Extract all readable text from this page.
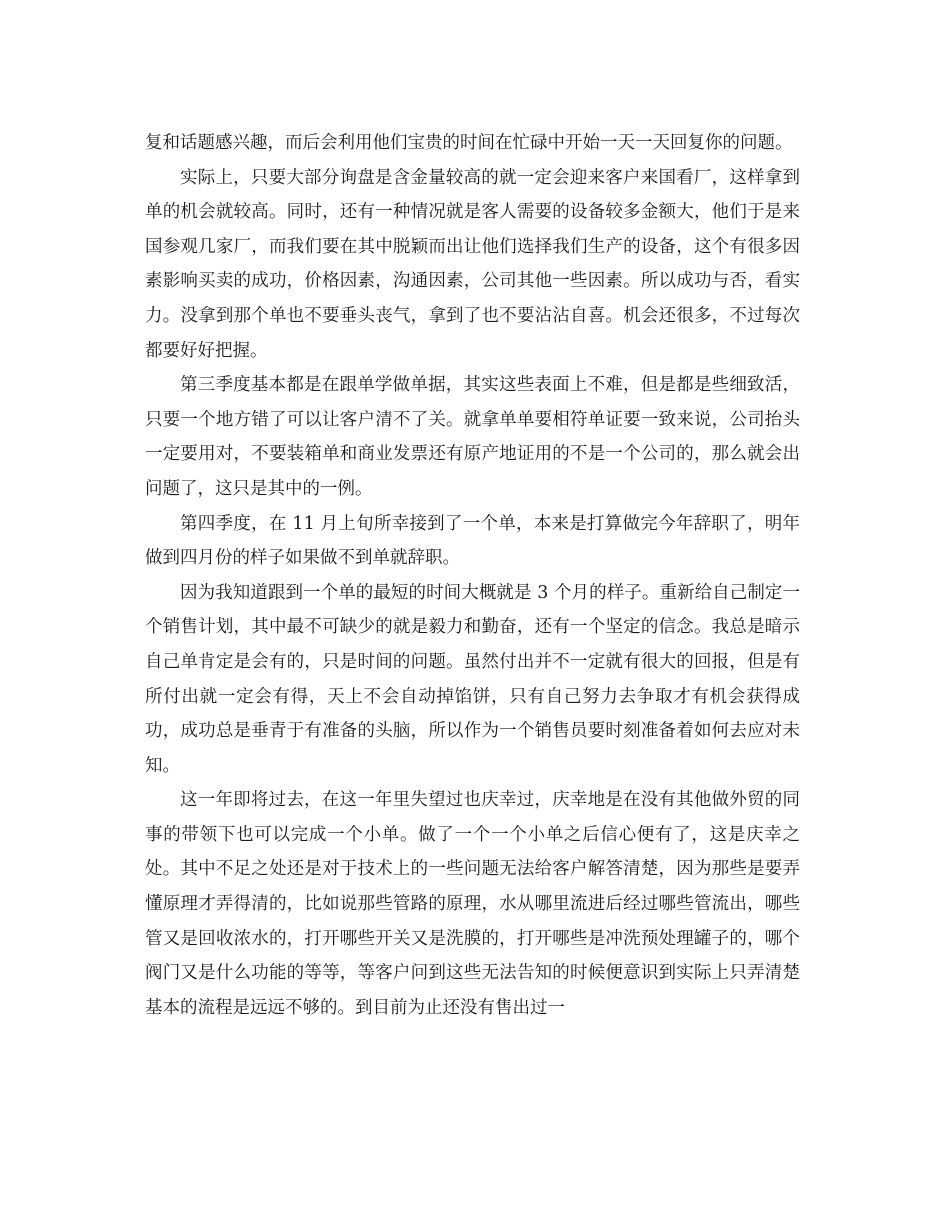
复和话题感兴趣，而后会利用他们宝贵的时间在忙碌中开始一天一天回复你的问题。

实际上，只要大部分询盘是含金量较高的就一定会迎来客户来国看厂，这样拿到单的机会就较高。同时，还有一种情况就是客人需要的设备较多金额大，他们于是来国参观几家厂，而我们要在其中脱颖而出让他们选择我们生产的设备，这个有很多因素影响买卖的成功，价格因素，沟通因素，公司其他一些因素。所以成功与否，看实力。没拿到那个单也不要垂头丧气，拿到了也不要沾沾自喜。机会还很多，不过每次都要好好把握。

第三季度基本都是在跟单学做单据，其实这些表面上不难，但是都是些细致活，只要一个地方错了可以让客户清不了关。就拿单单要相符单证要一致来说，公司抬头一定要用对，不要装箱单和商业发票还有原产地证用的不是一个公司的，那么就会出问题了，这只是其中的一例。

第四季度，在 11 月上旬所幸接到了一个单，本来是打算做完今年辞职了，明年做到四月份的样子如果做不到单就辞职。

因为我知道跟到一个单的最短的时间大概就是 3 个月的样子。重新给自己制定一个销售计划，其中最不可缺少的就是毅力和勤奋，还有一个坚定的信念。我总是暗示自己单肯定是会有的，只是时间的问题。虽然付出并不一定就有很大的回报，但是有所付出就一定会有得，天上不会自动掉馅饼，只有自己努力去争取才有机会获得成功，成功总是垂青于有准备的头脑，所以作为一个销售员要时刻准备着如何去应对未知。

这一年即将过去，在这一年里失望过也庆幸过，庆幸地是在没有其他做外贸的同事的带领下也可以完成一个小单。做了一个一个小单之后信心便有了，这是庆幸之处。其中不足之处还是对于技术上的一些问题无法给客户解答清楚，因为那些是要弄懂原理才弄得清的，比如说那些管路的原理，水从哪里流进后经过哪些管流出，哪些管又是回收浓水的，打开哪些开关又是洗膜的，打开哪些是冲洗预处理罐子的，哪个阀门又是什么功能的等等，等客户问到这些无法告知的时候便意识到实际上只弄清楚基本的流程是远远不够的。到目前为止还没有售出过一
